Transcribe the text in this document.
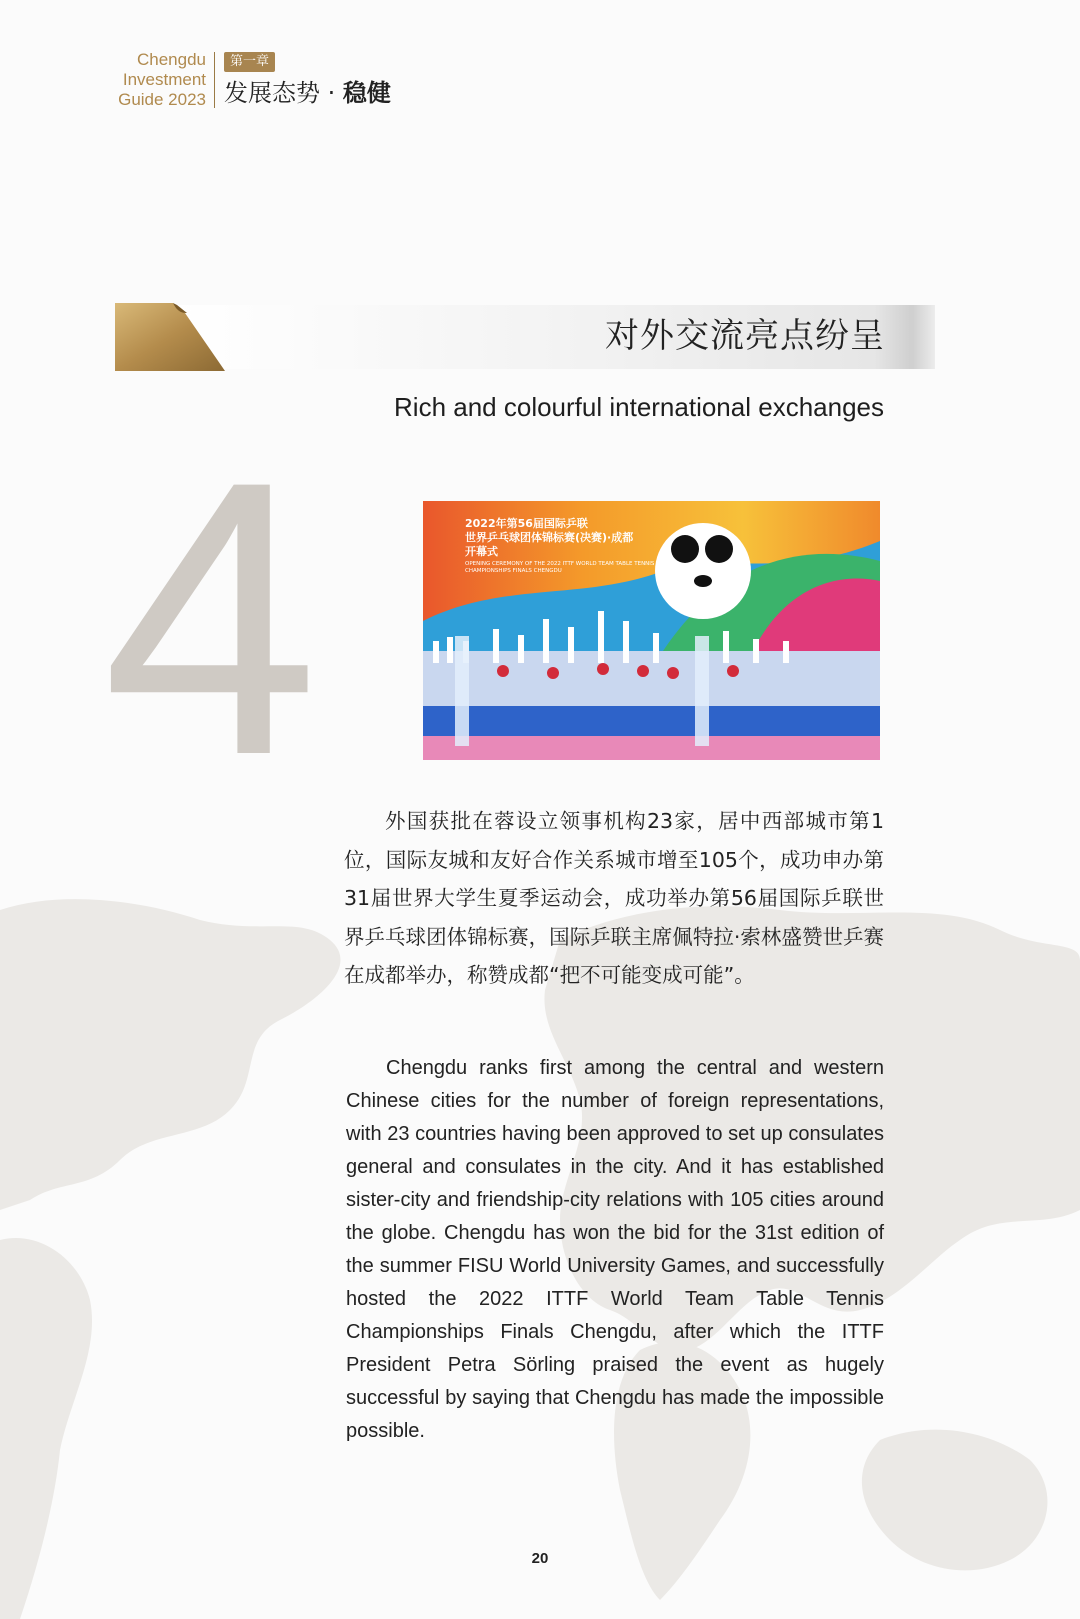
Chengdu
Investment
Guide 2023
第一章
发展态势 · 稳健
对外交流亮点纷呈
Rich and colourful international exchanges
4	2022年第56届国际乒联
世界乒乓球团体锦标赛(决赛)·成都
开幕式
OPENING CEREMONY OF THE 2022 ITTF WORLD TEAM TABLE TENNIS CHAMPIONSHIPS FINALS CHENGDU

外国获批在蓉设立领事机构23家，居中西部城市第1位，国际友城和友好合作关系城市增至105个，成功申办第31届世界大学生夏季运动会，成功举办第56届国际乒联世界乒乓球团体锦标赛，国际乒联主席佩特拉·索林盛赞世乒赛在成都举办，称赞成都“把不可能变成可能”。

Chengdu ranks first among the central and western Chinese cities for the number of foreign representations, with 23 countries having been approved to set up consulates general and consulates in the city. And it has established sister-city and friendship-city relations with 105 cities around the globe. Chengdu has won the bid for the 31st edition of the summer FISU World University Games, and successfully hosted the 2022 ITTF World Team Table Tennis Championships Finals Chengdu, after which the ITTF President Petra Sörling praised the event as hugely successful by saying that Chengdu has made the impossible possible.

20
